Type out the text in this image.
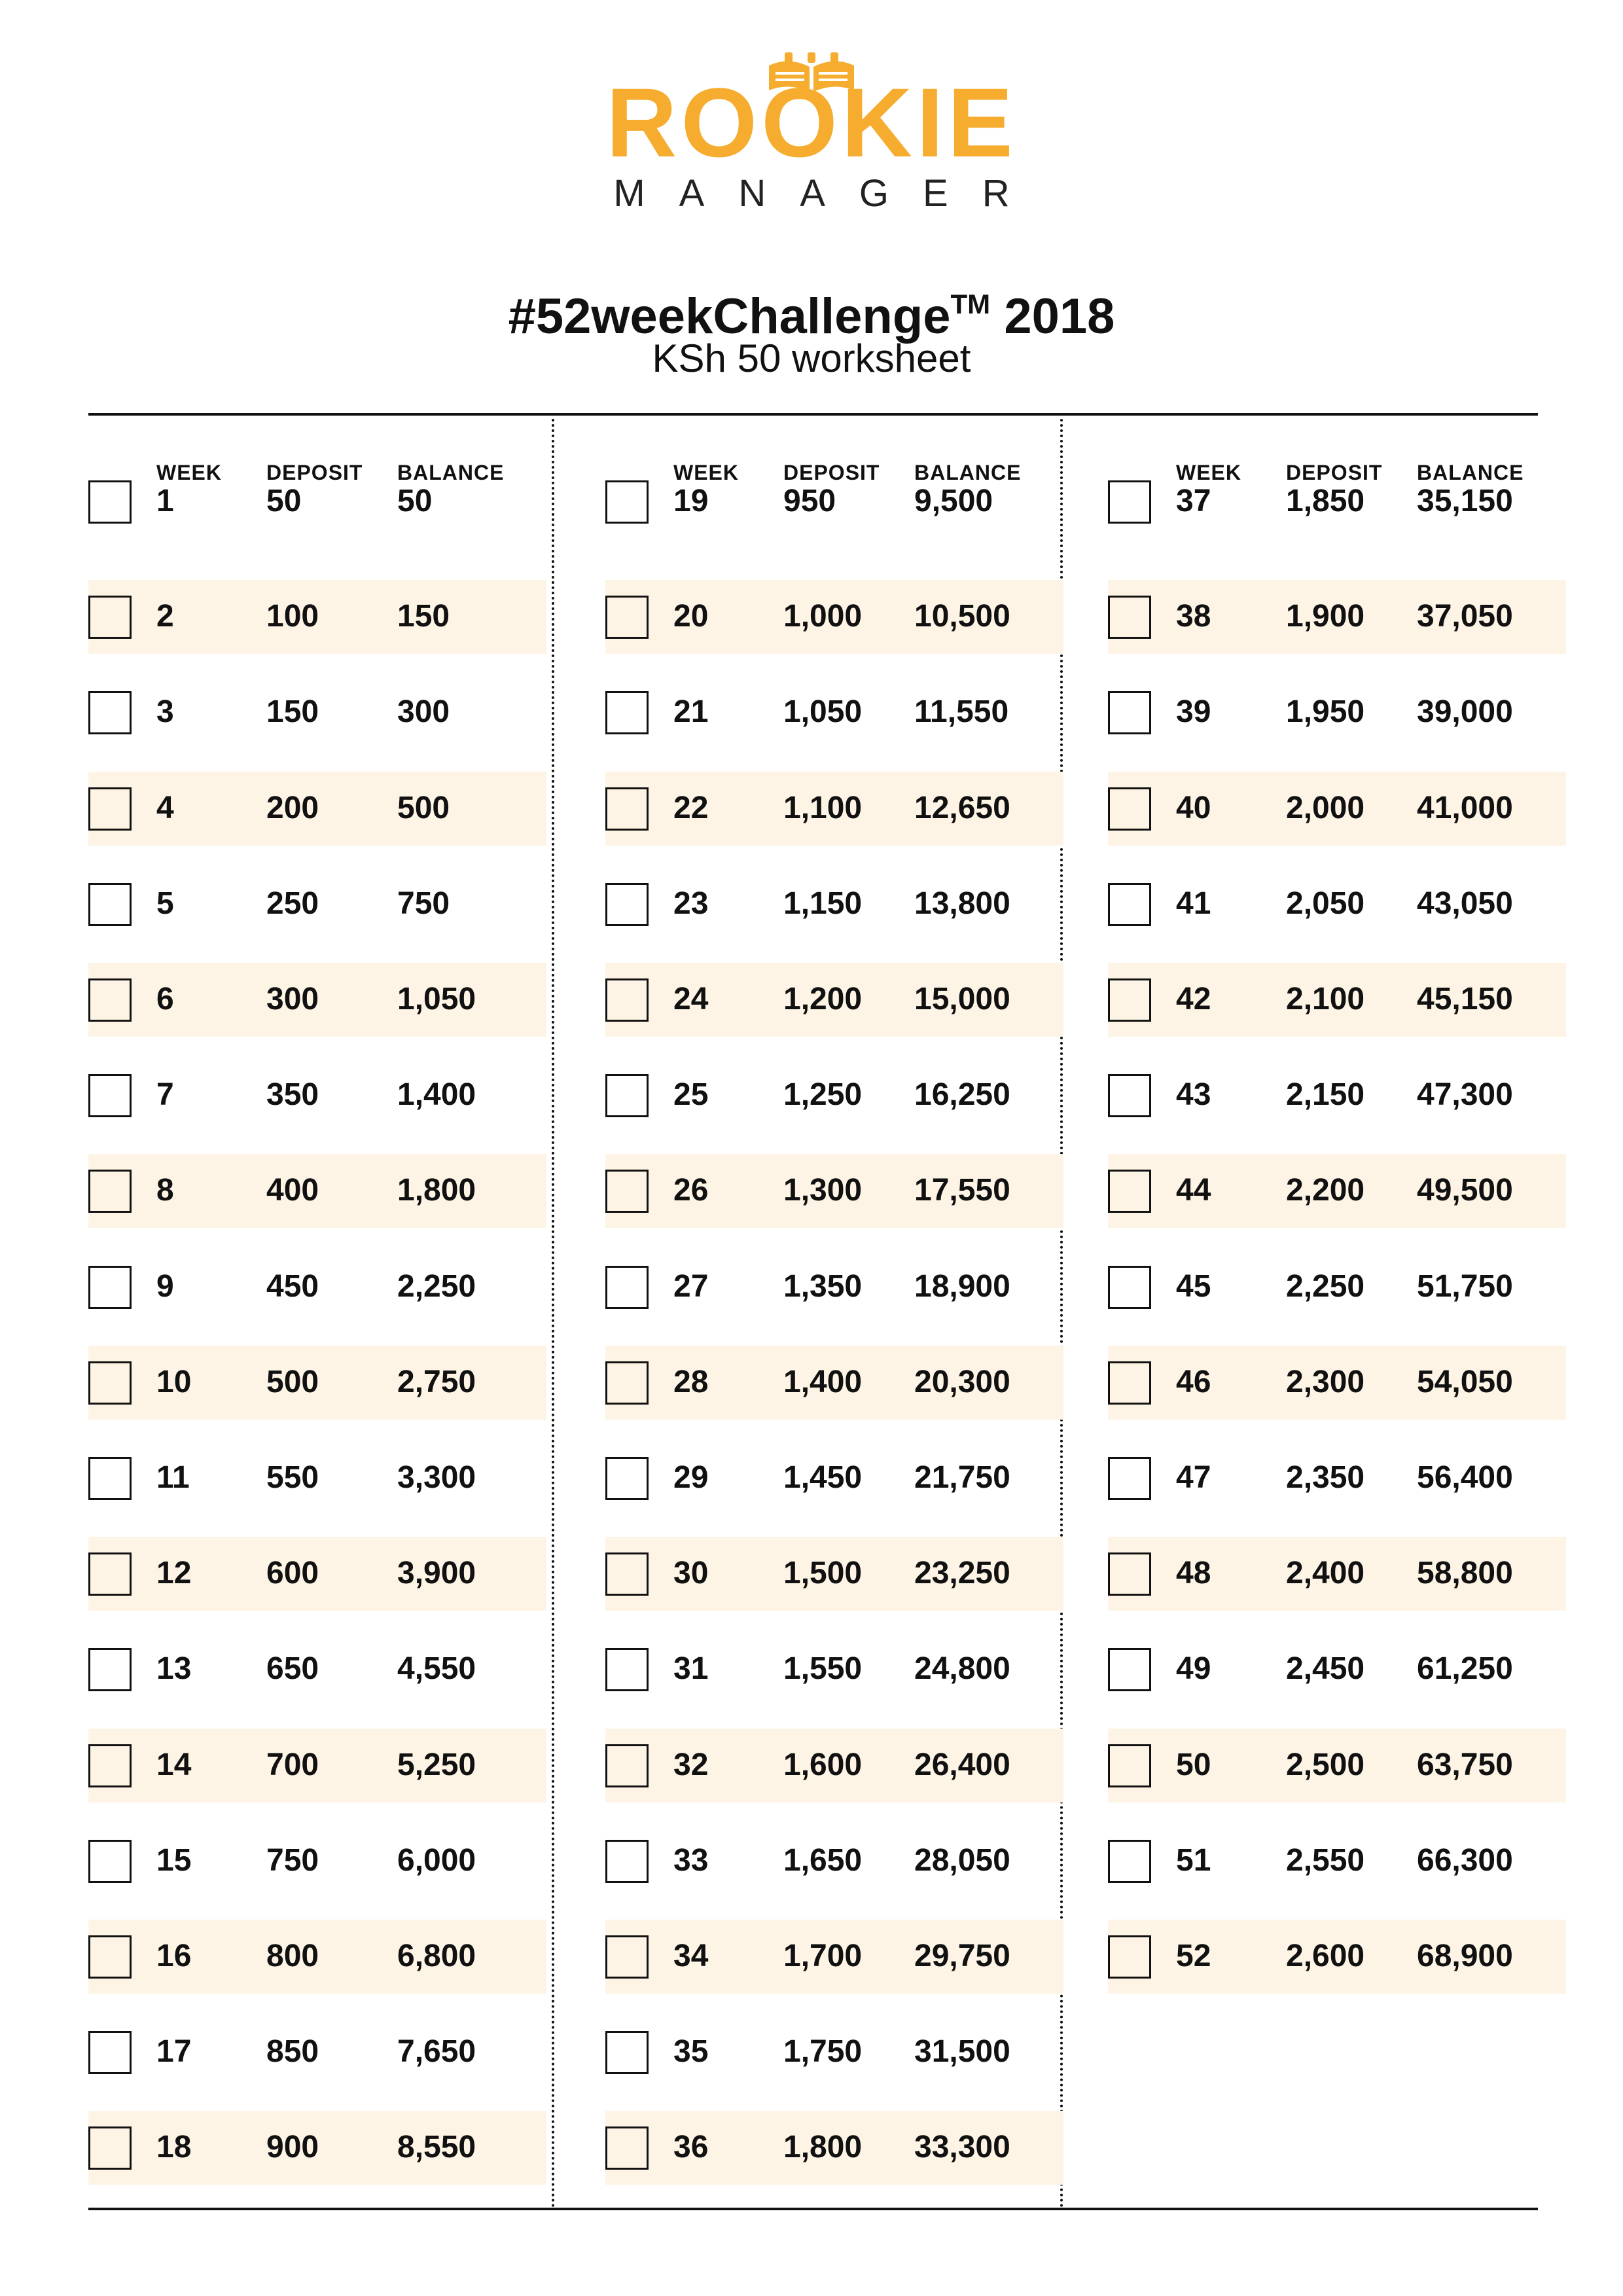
ROOKIE
MANAGER
#52weekChallenge™ 2018
KSh 50 worksheet
WEEK DEPOSIT BALANCE
1	50	50
2	100 150
3	150 300
4	200 500
5	250 750
6	300 1,050
7	350 1,400
8	400 1,800
9	450 2,250
10 500 2,750
11 550 3,300
12 600 3,900
13 650 4,550
14 700 5,250
15 750 6,000
16 800 6,800
17 850 7,650
18 900 8,550
WEEK DEPOSIT BALANCE
19 950 9,500
20 1,000 10,500
21 1,050 11,550
22 1,100 12,650
23 1,150 13,800
24 1,200 15,000
25 1,250 16,250
26 1,300 17,550
27 1,350 18,900
28 1,400 20,300
29 1,450 21,750
30 1,500 23,250
31 1,550 24,800
32 1,600 26,400
33 1,650 28,050
34 1,700 29,750
35 1,750 31,500
36 1,800 33,300
WEEK DEPOSIT BALANCE
37 1,850 35,150
38 1,900 37,050
39 1,950 39,000
40 2,000 41,000
41 2,050 43,050
42 2,100 45,150
43 2,150 47,300
44 2,200 49,500
45 2,250 51,750
46 2,300 54,050
47 2,350 56,400
48 2,400 58,800
49 2,450 61,250
50 2,500 63,750
51 2,550 66,300
52 2,600 68,900
